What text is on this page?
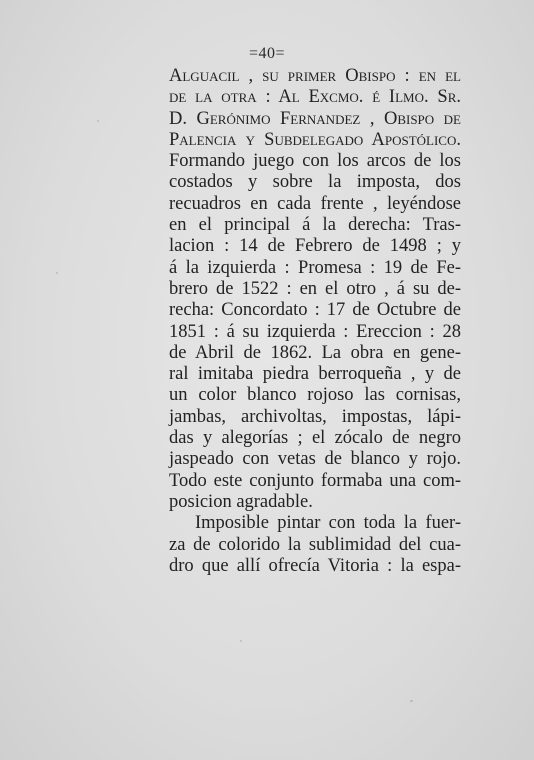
=40=
Alguacil , su primer Obispo : en el
de la otra : Al Excmo. é Ilmo. Sr.
D. Gerónimo Fernandez , Obispo de
Palencia y Subdelegado Apostólico.
Formando juego con los arcos de los
costados y sobre la imposta, dos
recuadros en cada frente , leyéndose
en el principal á la derecha: Tras-
lacion : 14 de Febrero de 1498 ; y
á la izquierda : Promesa : 19 de Fe-
brero de 1522 : en el otro , á su de-
recha: Concordato : 17 de Octubre de
1851 : á su izquierda : Ereccion : 28
de Abril de 1862. La obra en gene-
ral imitaba piedra berroqueña , y de
un color blanco rojoso las cornisas,
jambas, archivoltas, impostas, lápi-
das y alegorías ; el zócalo de negro
jaspeado con vetas de blanco y rojo.
Todo este conjunto formaba una com-
posicion agradable.
Imposible pintar con toda la fuer-
za de colorido la sublimidad del cua-
dro que allí ofrecía Vitoria : la espa-
